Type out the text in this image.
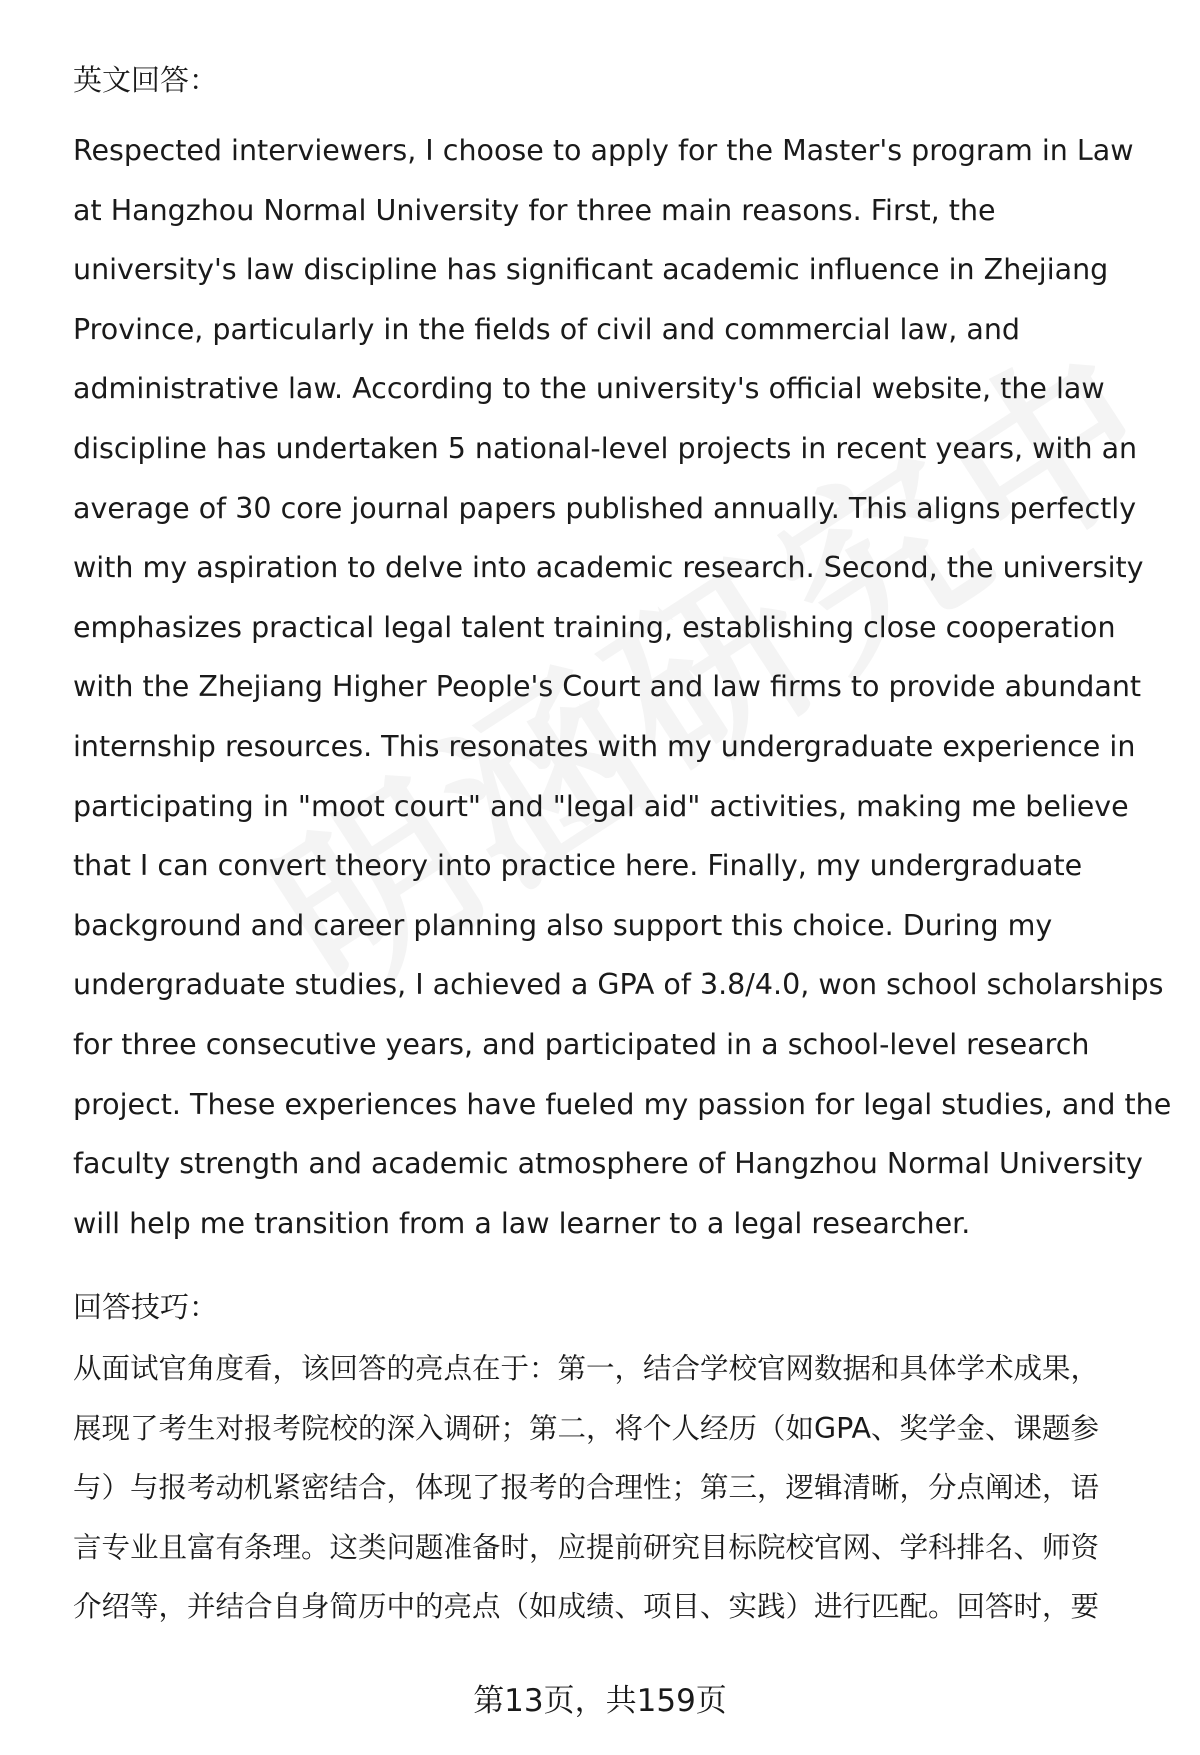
英文回答：

Respected interviewers, I choose to apply for the Master's program in Law
at Hangzhou Normal University for three main reasons. First, the
university's law discipline has significant academic influence in Zhejiang
Province, particularly in the fields of civil and commercial law, and
administrative law. According to the university's official website, the law
discipline has undertaken 5 national-level projects in recent years, with an
average of 30 core journal papers published annually. This aligns perfectly
with my aspiration to delve into academic research. Second, the university
emphasizes practical legal talent training, establishing close cooperation
with the Zhejiang Higher People's Court and law firms to provide abundant
internship resources. This resonates with my undergraduate experience in
participating in "moot court" and "legal aid" activities, making me believe
that I can convert theory into practice here. Finally, my undergraduate
background and career planning also support this choice. During my
undergraduate studies, I achieved a GPA of 3.8/4.0, won school scholarships
for three consecutive years, and participated in a school-level research
project. These experiences have fueled my passion for legal studies, and the
faculty strength and academic atmosphere of Hangzhou Normal University
will help me transition from a law learner to a legal researcher.

回答技巧：

从面试官角度看，该回答的亮点在于：第一，结合学校官网数据和具体学术成果，
展现了考生对报考院校的深入调研；第二，将个人经历（如GPA、奖学金、课题参
与）与报考动机紧密结合，体现了报考的合理性；第三，逻辑清晰，分点阐述，语
言专业且富有条理。这类问题准备时，应提前研究目标院校官网、学科排名、师资
介绍等，并结合自身简历中的亮点（如成绩、项目、实践）进行匹配。回答时，要

第13页，共159页
